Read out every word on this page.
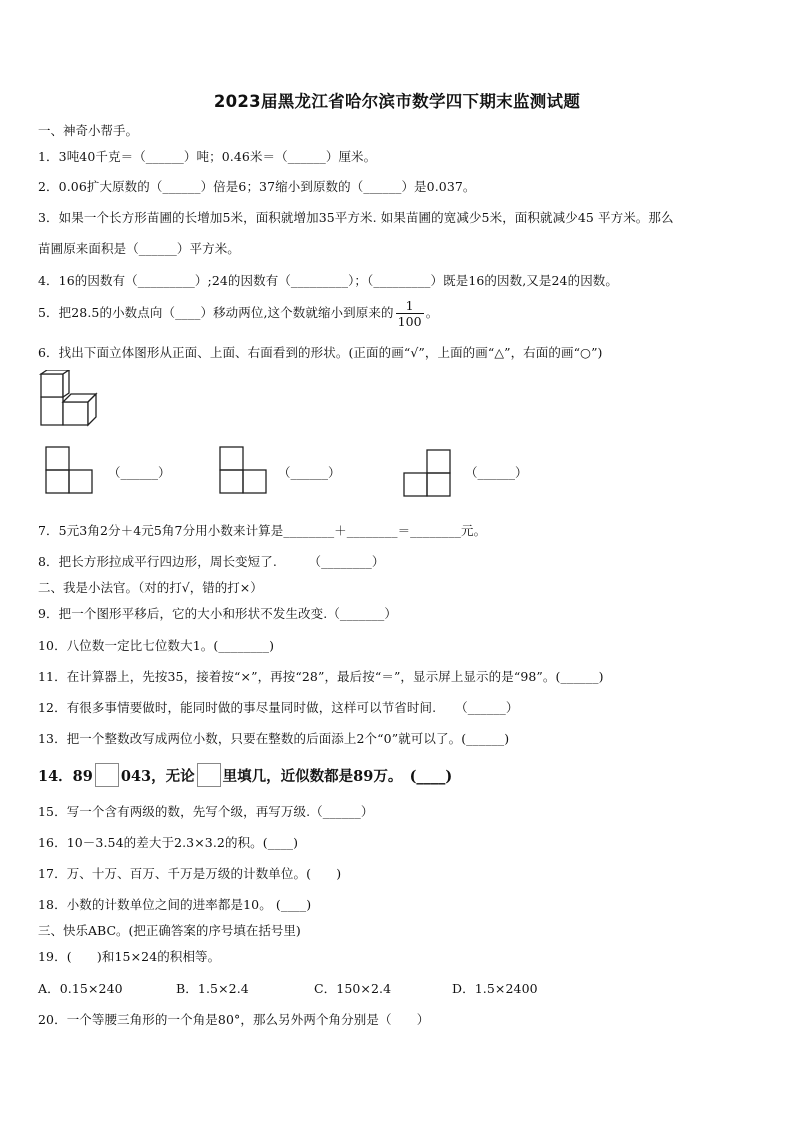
2023届黑龙江省哈尔滨市数学四下期末监测试题
一、神奇小帮手。
1．3吨40千克＝（______）吨；0.46米＝（______）厘米。
2．0.06扩大原数的（______）倍是6；37缩小到原数的（______）是0.037。
3．如果一个长方形苗圃的长增加5米，面积就增加35平方米. 如果苗圃的宽减少5米，面积就减少45 平方米。那么
苗圃原来面积是（______）平方米。
4．16的因数有（_________）;24的因数有（_________）；（_________）既是16的因数,又是24的因数。
5．把28.5的小数点向（____）移动两位,这个数就缩小到原来的 $\frac{1}{100}$ 。
6．找出下面立体图形从正面、上面、右面看到的形状。(正面的画“√”，上面的画“△”，右面的画“○”)
（______）	（______）	（______）
7．5元3角2分＋4元5角7分用小数来计算是________＋________＝________元。
8．把长方形拉成平行四边形，周长变短了.　　　（________）
二、我是小法官。（对的打√，错的打×）
9．把一个图形平移后，它的大小和形状不发生改变.（_______）
10．八位数一定比七位数大1。(________)
11．在计算器上，先按35，接着按“×”，再按“28”，最后按“＝”，显示屏上显示的是“98”。(______)
12．有很多事情要做时，能同时做的事尽量同时做，这样可以节省时间.　　（______）
13．把一个整数改写成两位小数，只要在整数的后面添上2个“0”就可以了。(______)
14．89 043，无论 里填几，近似数都是89万。　(____)
15．写一个含有两级的数，先写个级，再写万级.（______）
16．10－3.54的差大于2.3×3.2的积。(____)
17．万、十万、百万、千万是万级的计数单位。(　　)
18．小数的计数单位之间的进率都是10。 (____)
三、快乐ABC。(把正确答案的序号填在括号里)
19．(　　)和15×24的积相等。
A．0.15×240	B．1.5×2.4	C．150×2.4	D．1.5×2400
20．一个等腰三角形的一个角是80°，那么另外两个角分别是（　　）
